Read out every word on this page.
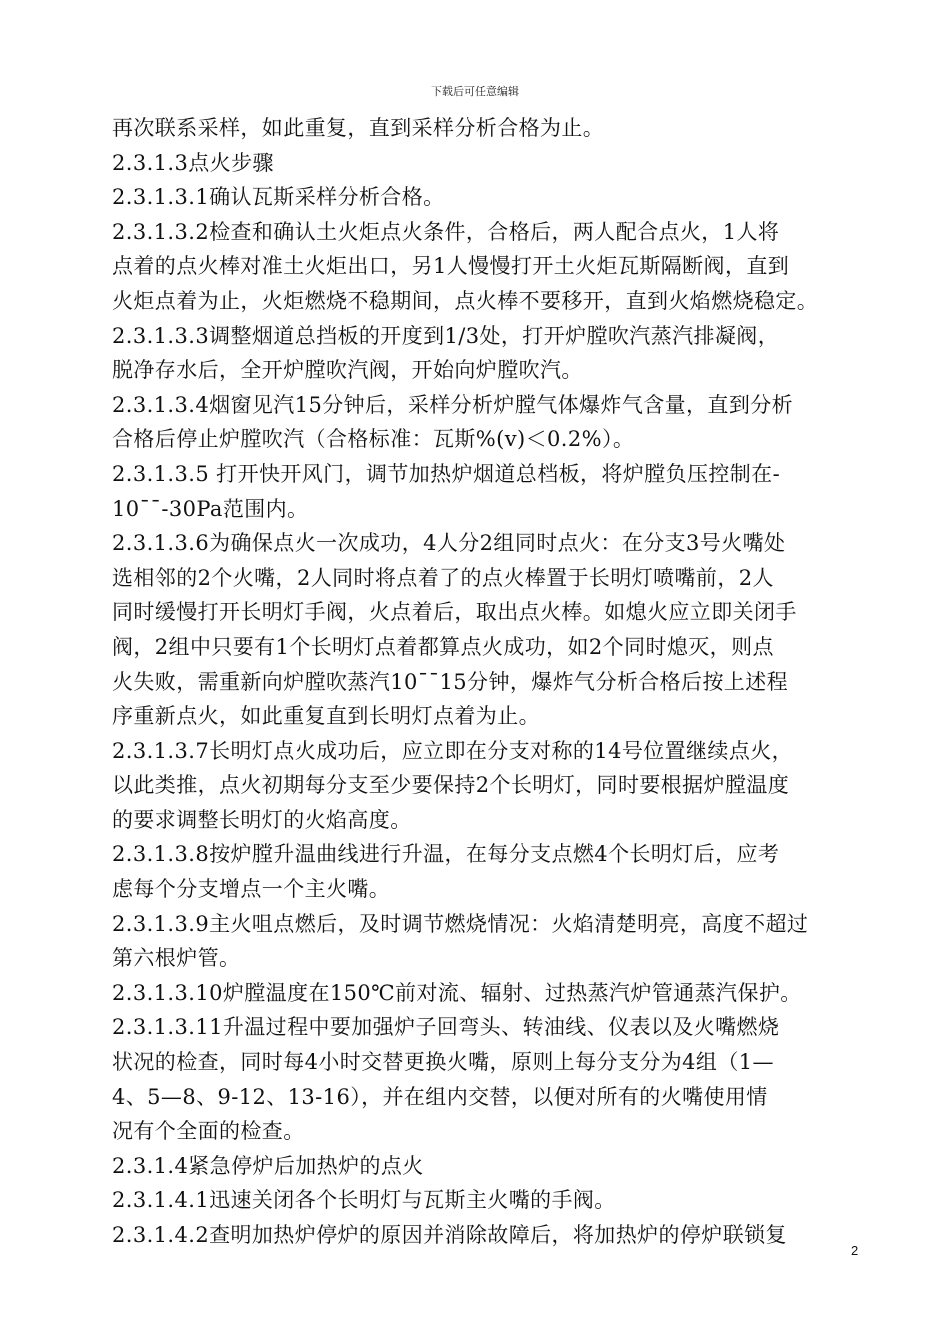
下载后可任意编辑
再次联系采样，如此重复，直到采样分析合格为止。
2.3.1.3点火步骤
2.3.1.3.1确认瓦斯采样分析合格。
2.3.1.3.2检查和确认土火炬点火条件，合格后，两人配合点火，1人将
点着的点火棒对准土火炬出口，另1人慢慢打开土火炬瓦斯隔断阀，直到
火炬点着为止，火炬燃烧不稳期间，点火棒不要移开，直到火焰燃烧稳定。
2.3.1.3.3调整烟道总挡板的开度到1/3处，打开炉膛吹汽蒸汽排凝阀，
脱净存水后，全开炉膛吹汽阀，开始向炉膛吹汽。
2.3.1.3.4烟窗见汽15分钟后，采样分析炉膛气体爆炸气含量，直到分析
合格后停止炉膛吹汽（合格标准：瓦斯%(v)＜0.2%）。
2.3.1.3.5 打开快开风门，调节加热炉烟道总档板，将炉膛负压控制在-
10¯¯-30Pa范围内。
2.3.1.3.6为确保点火一次成功，4人分2组同时点火：在分支3号火嘴处
选相邻的2个火嘴，2人同时将点着了的点火棒置于长明灯喷嘴前，2人
同时缓慢打开长明灯手阀，火点着后，取出点火棒。如熄火应立即关闭手
阀，2组中只要有1个长明灯点着都算点火成功，如2个同时熄灭，则点
火失败，需重新向炉膛吹蒸汽10¯¯15分钟，爆炸气分析合格后按上述程
序重新点火，如此重复直到长明灯点着为止。
2.3.1.3.7长明灯点火成功后，应立即在分支对称的14号位置继续点火，
以此类推，点火初期每分支至少要保持2个长明灯，同时要根据炉膛温度
的要求调整长明灯的火焰高度。
2.3.1.3.8按炉膛升温曲线进行升温，在每分支点燃4个长明灯后，应考
虑每个分支增点一个主火嘴。
2.3.1.3.9主火咀点燃后，及时调节燃烧情况：火焰清楚明亮，高度不超过
第六根炉管。
2.3.1.3.10炉膛温度在150℃前对流、辐射、过热蒸汽炉管通蒸汽保护。
2.3.1.3.11升温过程中要加强炉子回弯头、转油线、仪表以及火嘴燃烧
状况的检查，同时每4小时交替更换火嘴，原则上每分支分为4组（1—
4、5—8、9-12、13-16），并在组内交替，以便对所有的火嘴使用情
况有个全面的检查。
2.3.1.4紧急停炉后加热炉的点火
2.3.1.4.1迅速关闭各个长明灯与瓦斯主火嘴的手阀。
2.3.1.4.2查明加热炉停炉的原因并消除故障后，将加热炉的停炉联锁复
2
